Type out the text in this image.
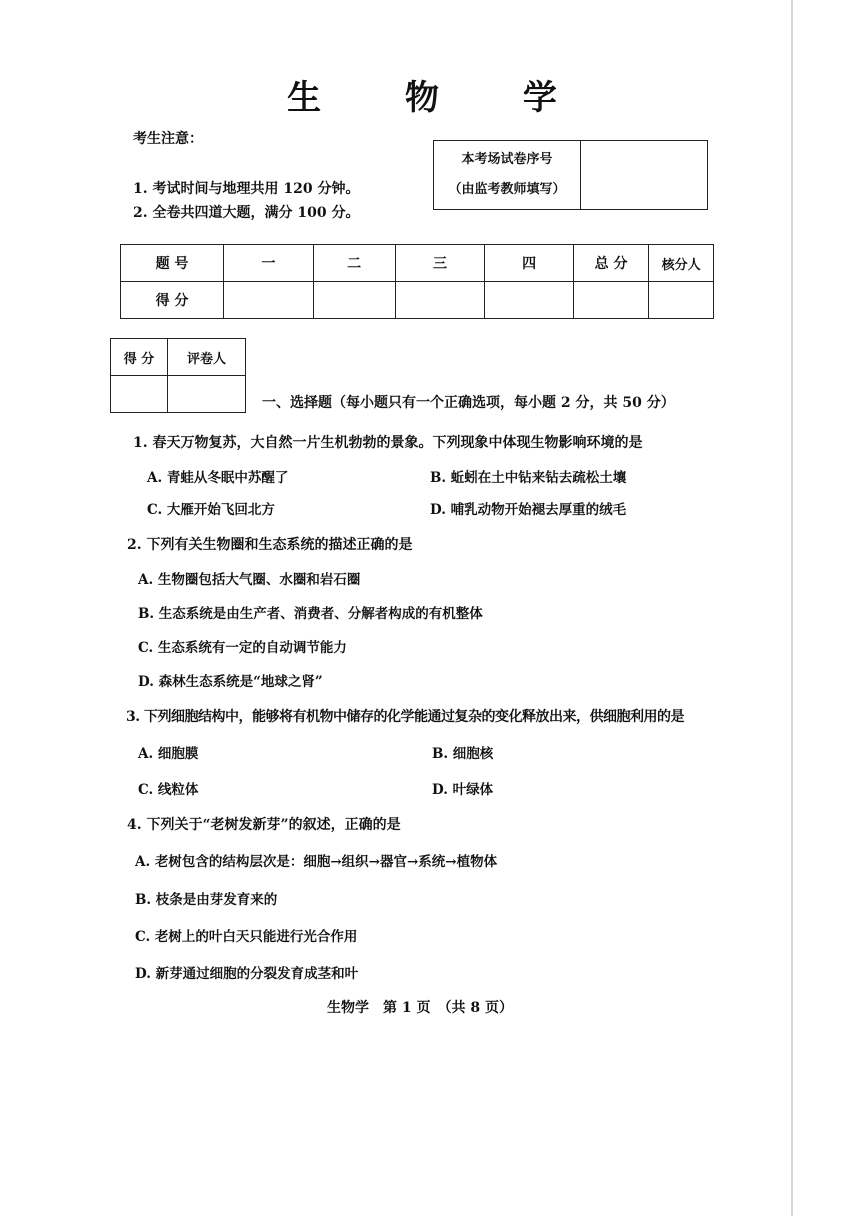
生 物 学
考生注意：
1. 考试时间与地理共用 120 分钟。
2. 全卷共四道大题，满分 100 分。
本考场试卷序号
（由监考教师填写）

题 号	一	二	三	四	总 分	核分人
得 分						
得 分	评卷人

一、选择题（每小题只有一个正确选项，每小题 2 分，共 50 分）
1. 春天万物复苏，大自然一片生机勃勃的景象。下列现象中体现生物影响环境的是
A. 青蛙从冬眠中苏醒了	B. 蚯蚓在土中钻来钻去疏松土壤
C. 大雁开始飞回北方	D. 哺乳动物开始褪去厚重的绒毛
2. 下列有关生物圈和生态系统的描述正确的是
A. 生物圈包括大气圈、水圈和岩石圈
B. 生态系统是由生产者、消费者、分解者构成的有机整体
C. 生态系统有一定的自动调节能力
D. 森林生态系统是“地球之肾”
3. 下列细胞结构中，能够将有机物中储存的化学能通过复杂的变化释放出来，供细胞利用的是
A. 细胞膜	B. 细胞核
C. 线粒体	D. 叶绿体
4. 下列关于“老树发新芽”的叙述，正确的是
A. 老树包含的结构层次是：细胞→组织→器官→系统→植物体
B. 枝条是由芽发育来的
C. 老树上的叶白天只能进行光合作用
D. 新芽通过细胞的分裂发育成茎和叶
生物学　第 1 页　（共 8 页）
